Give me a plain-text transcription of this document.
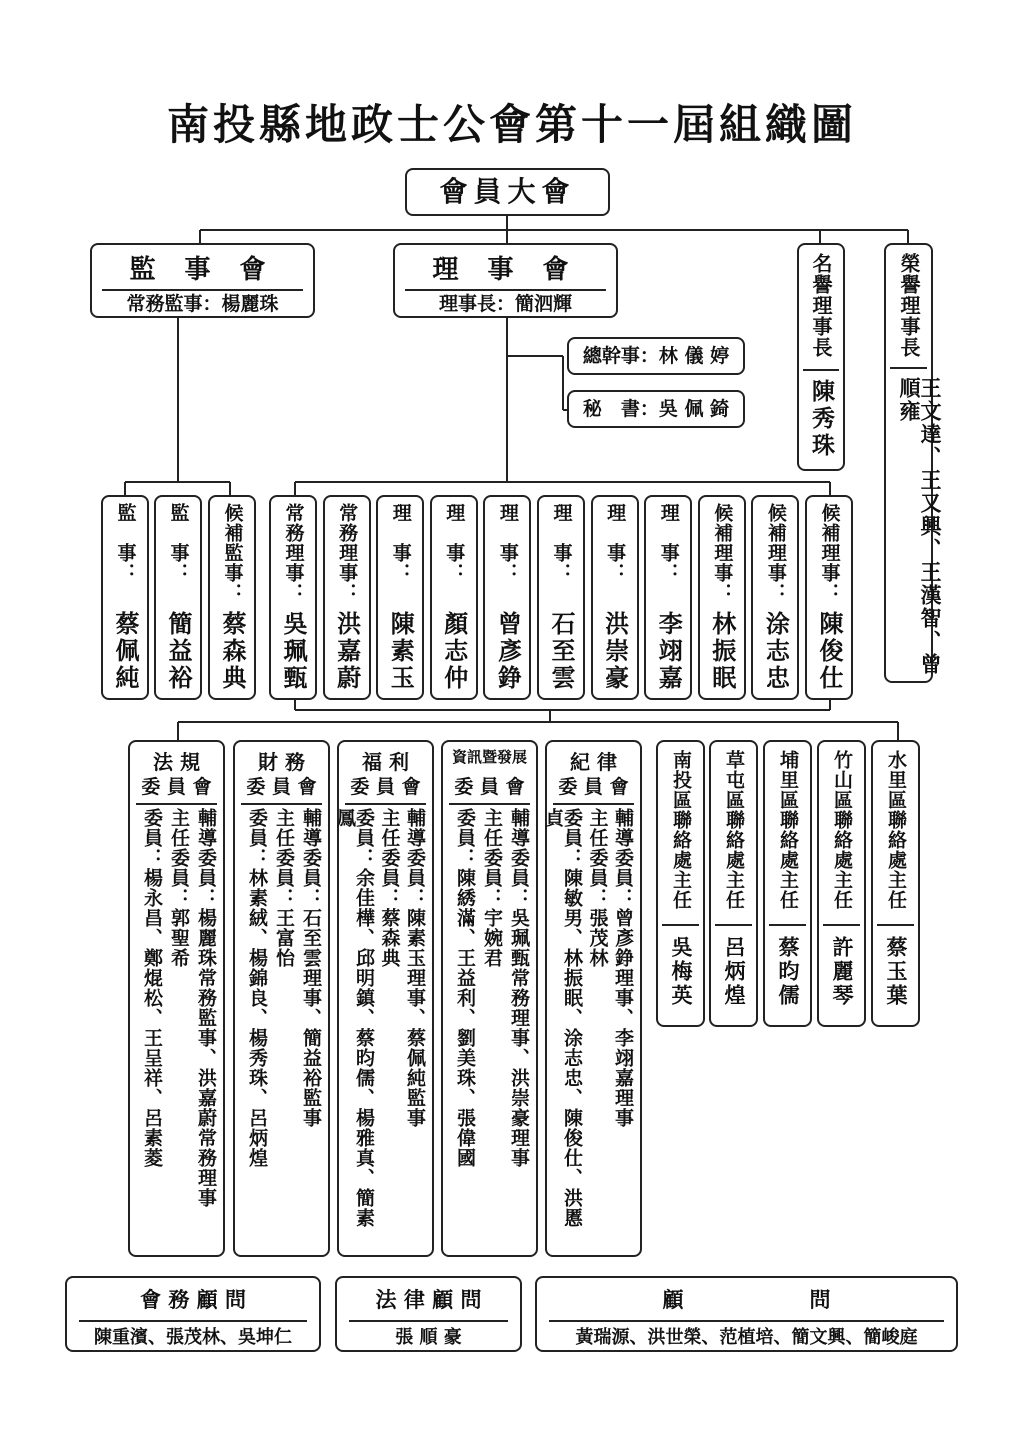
南投縣地政士公會第十一屆組織圖
會員大會
監 事 會
常務監事：楊麗珠
理 事 會
理事長：簡泗輝
總幹事：林 儀 婷
秘　書：吳 佩 錡
名譽理事長
陳秀珠
榮譽理事長
王文達、王又興、王漢智、曾順雍
監　事：
蔡佩純
監　事：
簡益裕
候補監事：
蔡森典
常務理事：
吳珮甄
常務理事：
洪嘉蔚
理　事：
陳素玉
理　事：
顏志仲
理　事：
曾彥錚
理　事：
石至雲
理　事：
洪崇豪
理　事：
李翊嘉
候補理事：
林振眠
候補理事：
涂志忠
候補理事：
陳俊仕
法 規
委 員 會
輔導委員：楊麗珠常務監事、洪嘉蔚常務理事
主任委員：郭聖希
委員：楊永昌、鄭焜松、王呈祥、呂素菱
財 務
委 員 會
輔導委員：石至雲理事、簡益裕監事
主任委員：王富怡
委員：林素絨、楊錦良、楊秀珠、呂炳煌
福 利
委 員 會
輔導委員：陳素玉理事、蔡佩純監事
主任委員：蔡森典
委員：余佳樺、邱明鎮、蔡昀儒、楊雅真、簡素鳳
資訊暨發展
委 員 會
輔導委員：吳珮甄常務理事、洪崇豪理事
主任委員：宇婉君
委員：陳綉滿、王益利、劉美珠、張偉國
紀 律
委 員 會
輔導委員：曾彥錚理事、李翊嘉理事
主任委員：張茂林
委員：陳敏男、林振眠、涂志忠、陳俊仕、洪慝貞	南投區聯絡處主任
吳梅英
草屯區聯絡處主任
呂炳煌
埔里區聯絡處主任
蔡昀儒
竹山區聯絡處主任
許麗琴
水里區聯絡處主任
蔡玉葉
會 務 顧 問
陳重濱、張茂林、吳坤仁
法 律 顧 問
張 順 豪
顧　　　　　　問
黃瑞源、洪世榮、范植培、簡文興、簡峻庭
